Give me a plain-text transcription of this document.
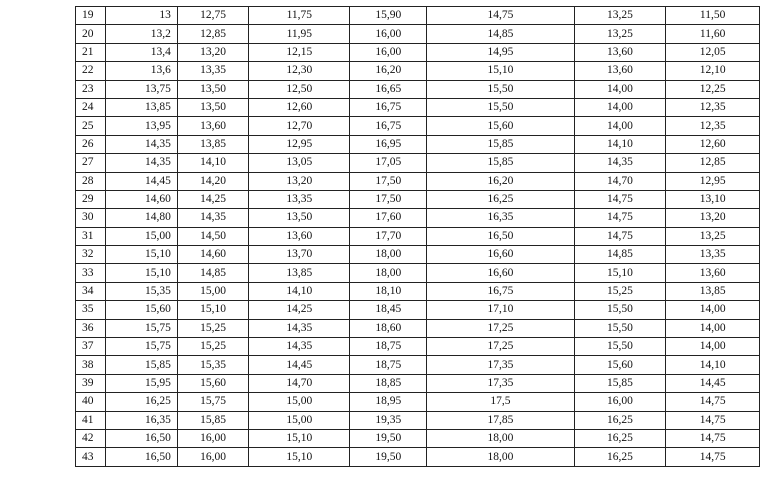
19	13	12,75	11,75	15,90	14,75	13,25	11,50
20	13,2	12,85	11,95	16,00	14,85	13,25	11,60
21	13,4	13,20	12,15	16,00	14,95	13,60	12,05
22	13,6	13,35	12,30	16,20	15,10	13,60	12,10
23	13,75	13,50	12,50	16,65	15,50	14,00	12,25
24	13,85	13,50	12,60	16,75	15,50	14,00	12,35
25	13,95	13,60	12,70	16,75	15,60	14,00	12,35
26	14,35	13,85	12,95	16,95	15,85	14,10	12,60
27	14,35	14,10	13,05	17,05	15,85	14,35	12,85
28	14,45	14,20	13,20	17,50	16,20	14,70	12,95
29	14,60	14,25	13,35	17,50	16,25	14,75	13,10
30	14,80	14,35	13,50	17,60	16,35	14,75	13,20
31	15,00	14,50	13,60	17,70	16,50	14,75	13,25
32	15,10	14,60	13,70	18,00	16,60	14,85	13,35
33	15,10	14,85	13,85	18,00	16,60	15,10	13,60
34	15,35	15,00	14,10	18,10	16,75	15,25	13,85
35	15,60	15,10	14,25	18,45	17,10	15,50	14,00
36	15,75	15,25	14,35	18,60	17,25	15,50	14,00
37	15,75	15,25	14,35	18,75	17,25	15,50	14,00
38	15,85	15,35	14,45	18,75	17,35	15,60	14,10
39	15,95	15,60	14,70	18,85	17,35	15,85	14,45
40	16,25	15,75	15,00	18,95	17,5	16,00	14,75
41	16,35	15,85	15,00	19,35	17,85	16,25	14,75
42	16,50	16,00	15,10	19,50	18,00	16,25	14,75
43	16,50	16,00	15,10	19,50	18,00	16,25	14,75
